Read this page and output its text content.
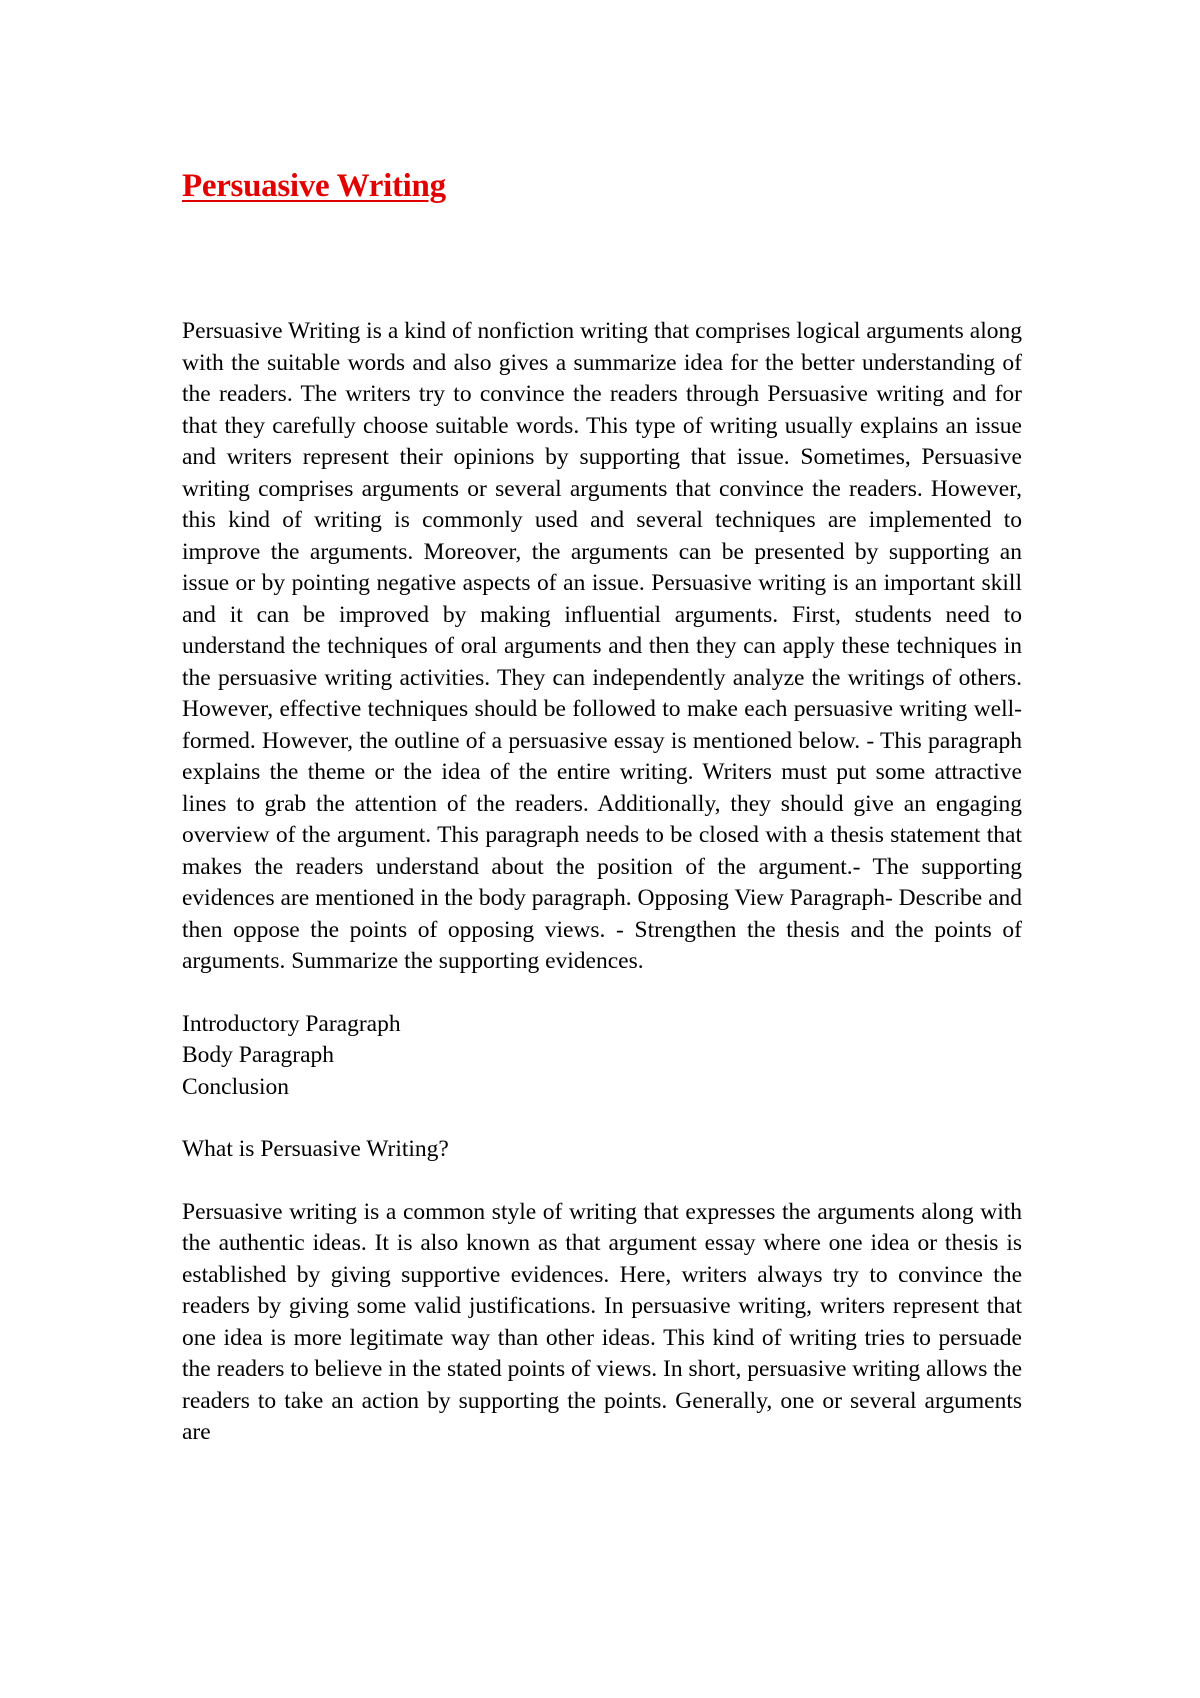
Persuasive Writing

Persuasive Writing is a kind of nonfiction writing that comprises logical arguments along with the suitable words and also gives a summarize idea for the better understanding of the readers. The writers try to convince the readers through Persuasive writing and for that they carefully choose suitable words. This type of writing usually explains an issue and writers represent their opinions by supporting that issue. Sometimes, Persuasive writing comprises arguments or several arguments that convince the readers. However, this kind of writing is commonly used and several techniques are implemented to improve the arguments. Moreover, the arguments can be presented by supporting an issue or by pointing negative aspects of an issue. Persuasive writing is an important skill and it can be improved by making influential arguments. First, students need to understand the techniques of oral arguments and then they can apply these techniques in the persuasive writing activities. They can independently analyze the writings of others. However, effective techniques should be followed to make each persuasive writing well-formed. However, the outline of a persuasive essay is mentioned below. - This paragraph explains the theme or the idea of the entire writing. Writers must put some attractive lines to grab the attention of the readers. Additionally, they should give an engaging overview of the argument. This paragraph needs to be closed with a thesis statement that makes the readers understand about the position of the argument.- The supporting evidences are mentioned in the body paragraph. Opposing View Paragraph- Describe and then oppose the points of opposing views. - Strengthen the thesis and the points of arguments. Summarize the supporting evidences.

Introductory Paragraph
Body Paragraph
Conclusion
What is Persuasive Writing?

Persuasive writing is a common style of writing that expresses the arguments along with the authentic ideas. It is also known as that argument essay where one idea or thesis is established by giving supportive evidences. Here, writers always try to convince the readers by giving some valid justifications. In persuasive writing, writers represent that one idea is more legitimate way than other ideas. This kind of writing tries to persuade the readers to believe in the stated points of views. In short, persuasive writing allows the readers to take an action by supporting the points. Generally, one or several arguments are
